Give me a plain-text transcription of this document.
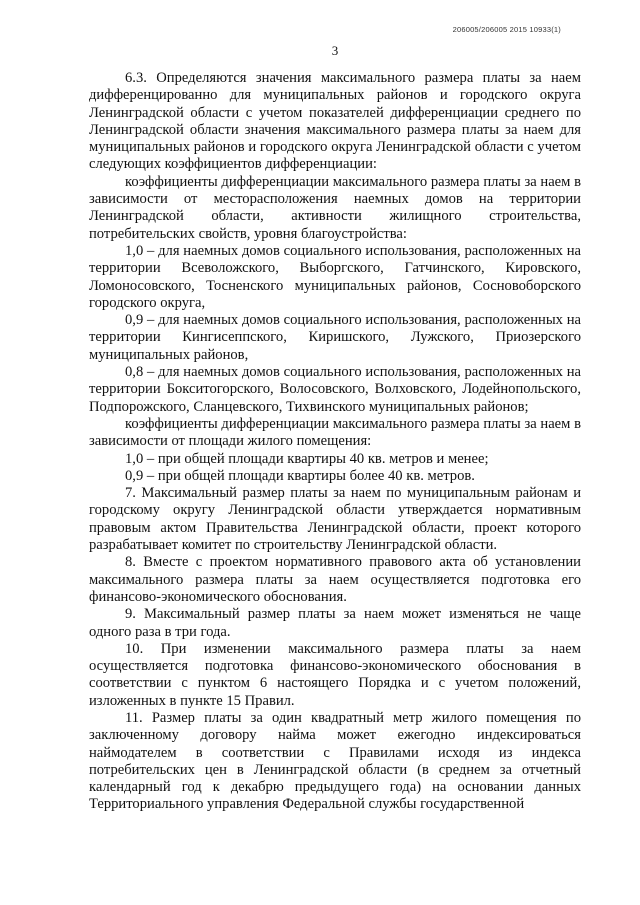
206005/206005 2015 10933(1)
3

6.3. Определяются значения максимального размера платы за наем дифференцированно для муниципальных районов и городского округа Ленинградской области с учетом показателей дифференциации среднего по Ленинградской области значения максимального размера платы за наем для муниципальных районов и городского округа Ленинградской области с учетом следующих коэффициентов дифференциации:

коэффициенты дифференциации максимального размера платы за наем в зависимости от месторасположения наемных домов на территории Ленинградской области, активности жилищного строительства, потребительских свойств, уровня благоустройства:

1,0 – для наемных домов социального использования, расположенных на территории Всеволожского, Выборгского, Гатчинского, Кировского, Ломоносовского, Тосненского муниципальных районов, Сосновоборского городского округа,

0,9 – для наемных домов социального использования, расположенных на территории Кингисеппского, Киришского, Лужского, Приозерского муниципальных районов,

0,8 – для наемных домов социального использования, расположенных на территории Бокситогорского, Волосовского, Волховского, Лодейнопольского, Подпорожского, Сланцевского, Тихвинского муниципальных районов;

коэффициенты дифференциации максимального размера платы за наем в зависимости от площади жилого помещения:

1,0 – при общей площади квартиры 40 кв. метров и менее;

0,9 – при общей площади квартиры более 40 кв. метров.

7. Максимальный размер платы за наем по муниципальным районам и городскому округу Ленинградской области утверждается нормативным правовым актом Правительства Ленинградской области, проект которого разрабатывает комитет по строительству Ленинградской области.

8. Вместе с проектом нормативного правового акта об установлении максимального размера платы за наем осуществляется подготовка его финансово-экономического обоснования.

9. Максимальный размер платы за наем может изменяться не чаще одного раза в три года.

10. При изменении максимального размера платы за наем осуществляется подготовка финансово-экономического обоснования в соответствии с пунктом 6 настоящего Порядка и с учетом положений, изложенных в пункте 15 Правил.

11. Размер платы за один квадратный метр жилого помещения по заключенному договору найма может ежегодно индексироваться наймодателем в соответствии с Правилами исходя из индекса потребительских цен в Ленинградской области (в среднем за отчетный календарный год к декабрю предыдущего года) на основании данных Территориального управления Федеральной службы государственной
